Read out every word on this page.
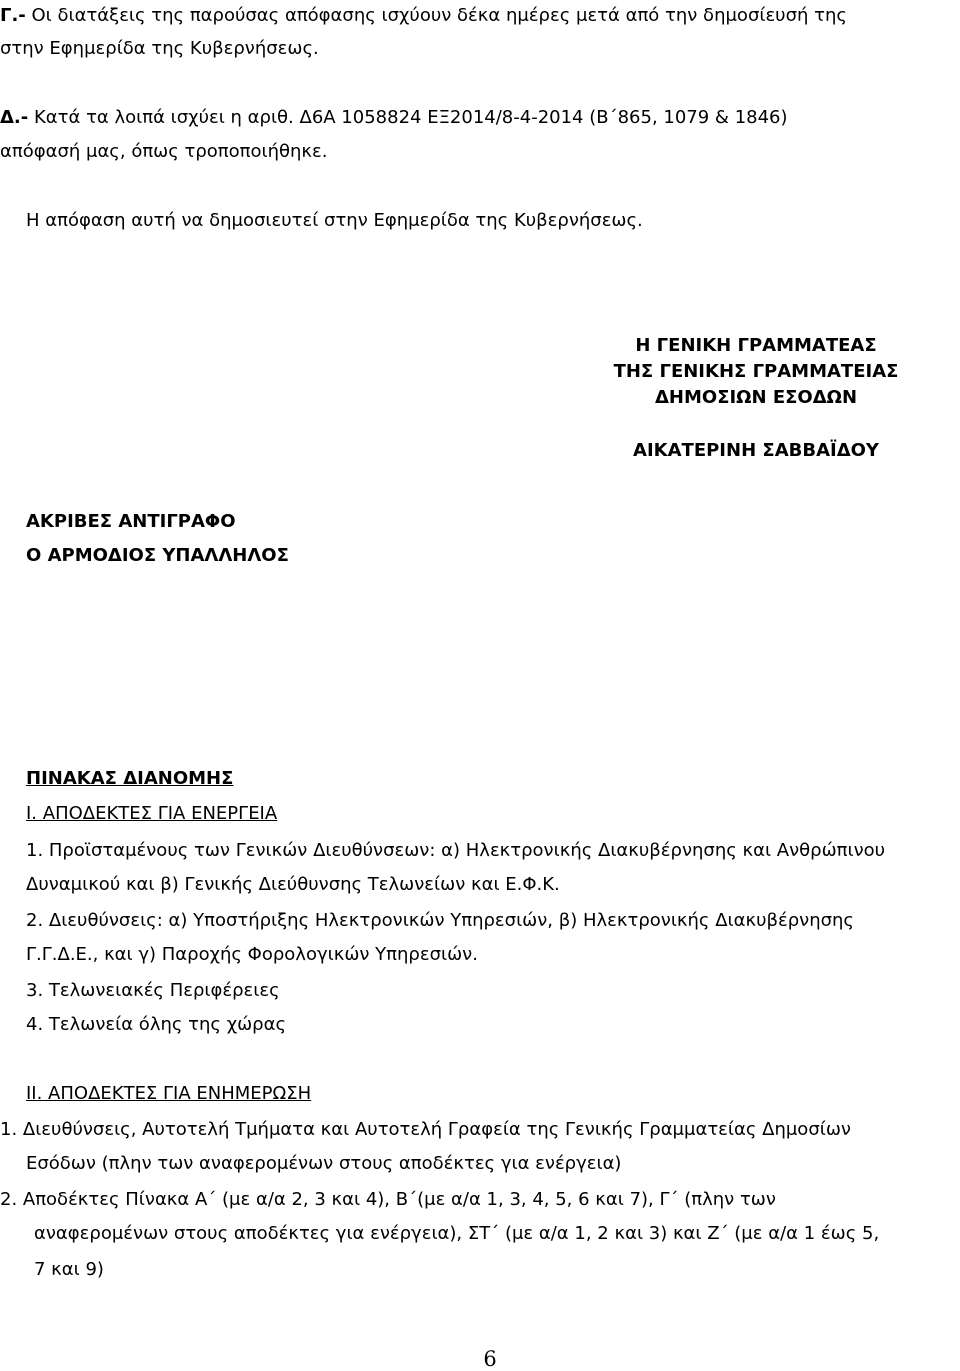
Γ.- Οι διατάξεις της παρούσας απόφασης ισχύουν δέκα ημέρες μετά από την δημοσίευσή της
στην Εφημερίδα της Κυβερνήσεως.
Δ.- Κατά τα λοιπά ισχύει η αριθ. Δ6Α 1058824 ΕΞ2014/8-4-2014 (Β΄865, 1079 & 1846)
απόφασή μας, όπως τροποποιήθηκε.
Η απόφαση αυτή να δημοσιευτεί στην Εφημερίδα της Κυβερνήσεως.
Η ΓΕΝΙΚΗ ΓΡΑΜΜΑΤΕΑΣ
ΤΗΣ ΓΕΝΙΚΗΣ ΓΡΑΜΜΑΤΕΙΑΣ
ΔΗΜΟΣΙΩΝ ΕΣΟΔΩΝ
ΑΙΚΑΤΕΡΙΝΗ ΣΑΒΒΑΪΔΟΥ
ΑΚΡΙΒΕΣ ΑΝΤΙΓΡΑΦΟ
Ο ΑΡΜΟΔΙΟΣ ΥΠΑΛΛΗΛΟΣ
ΠΙΝΑΚΑΣ ΔΙΑΝΟΜΗΣ
Ι. ΑΠΟΔΕΚΤΕΣ ΓΙΑ ΕΝΕΡΓΕΙΑ
1. Προϊσταμένους των Γενικών Διευθύνσεων: α) Ηλεκτρονικής Διακυβέρνησης και Ανθρώπινου
Δυναμικού και β) Γενικής Διεύθυνσης Τελωνείων και Ε.Φ.Κ.
2. Διευθύνσεις: α) Υποστήριξης Ηλεκτρονικών Υπηρεσιών, β) Ηλεκτρονικής Διακυβέρνησης
Γ.Γ.Δ.Ε., και γ) Παροχής Φορολογικών Υπηρεσιών.
3. Τελωνειακές Περιφέρειες
4. Τελωνεία όλης της χώρας
ΙΙ. ΑΠΟΔΕΚΤΕΣ ΓΙΑ ΕΝΗΜΕΡΩΣΗ
1. Διευθύνσεις, Αυτοτελή Τμήματα και Αυτοτελή Γραφεία της Γενικής Γραμματείας Δημοσίων
Εσόδων (πλην των αναφερομένων στους αποδέκτες για ενέργεια)
2. Αποδέκτες Πίνακα Α΄ (με α/α 2, 3 και 4), Β΄(με α/α 1, 3, 4, 5, 6 και 7), Γ΄ (πλην των
αναφερομένων στους αποδέκτες για ενέργεια), ΣΤ΄ (με α/α 1, 2 και 3) και Ζ΄ (με α/α 1 έως 5,
7 και 9)
6
